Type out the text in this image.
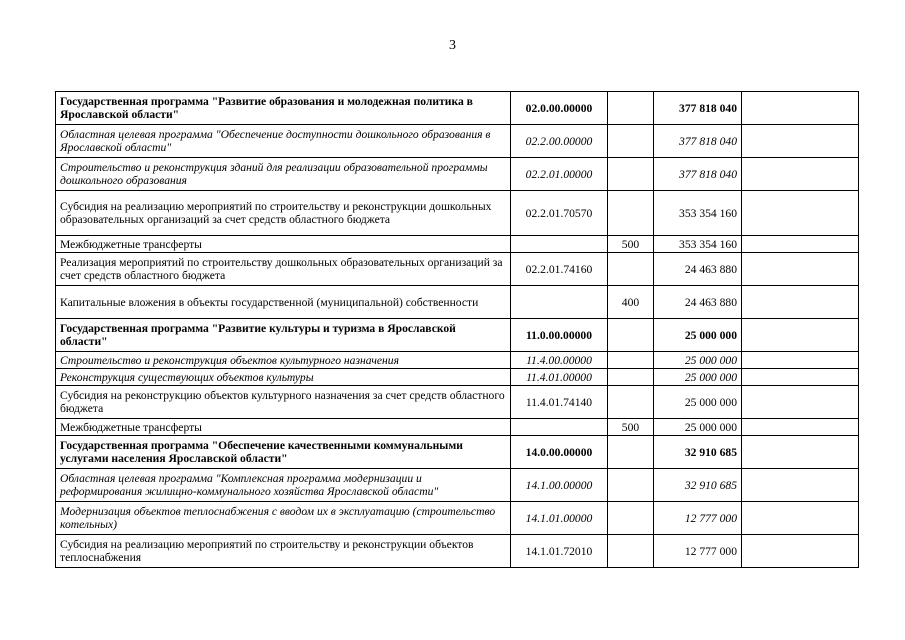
3
Государственная программа "Развитие образования и молодежная политика в Ярославской области"	02.0.00.00000		377 818 040	
Областная целевая программа "Обеспечение доступности дошкольного образования в Ярославской области"	02.2.00.00000		377 818 040	
Строительство и реконструкция зданий для реализации образовательной программы дошкольного образования	02.2.01.00000		377 818 040	
Субсидия на реализацию мероприятий по строительству и реконструкции дошкольных образовательных организаций за счет средств областного бюджета	02.2.01.70570		353 354 160	
Межбюджетные трансферты		500	353 354 160	
Реализация мероприятий по строительству дошкольных образовательных организаций за счет средств областного бюджета	02.2.01.74160		24 463 880	
Капитальные вложения в объекты государственной (муниципальной) собственности		400	24 463 880	
Государственная программа "Развитие культуры и туризма в Ярославской области"	11.0.00.00000		25 000 000	
Строительство и реконструкция объектов культурного назначения	11.4.00.00000		25 000 000	
Реконструкция существующих объектов культуры	11.4.01.00000		25 000 000	
Субсидия на реконструкцию объектов культурного назначения за счет средств областного бюджета	11.4.01.74140		25 000 000	
Межбюджетные трансферты		500	25 000 000	
Государственная программа "Обеспечение качественными коммунальными услугами населения Ярославской области"	14.0.00.00000		32 910 685	
Областная целевая программа "Комплексная программа модернизации и реформирования жилищно-коммунального хозяйства Ярославской области"	14.1.00.00000		32 910 685	
Модернизация объектов теплоснабжения с вводом их в эксплуатацию (строительство котельных)	14.1.01.00000		12 777 000	
Субсидия на реализацию мероприятий по строительству и реконструкции объектов теплоснабжения	14.1.01.72010		12 777 000	
